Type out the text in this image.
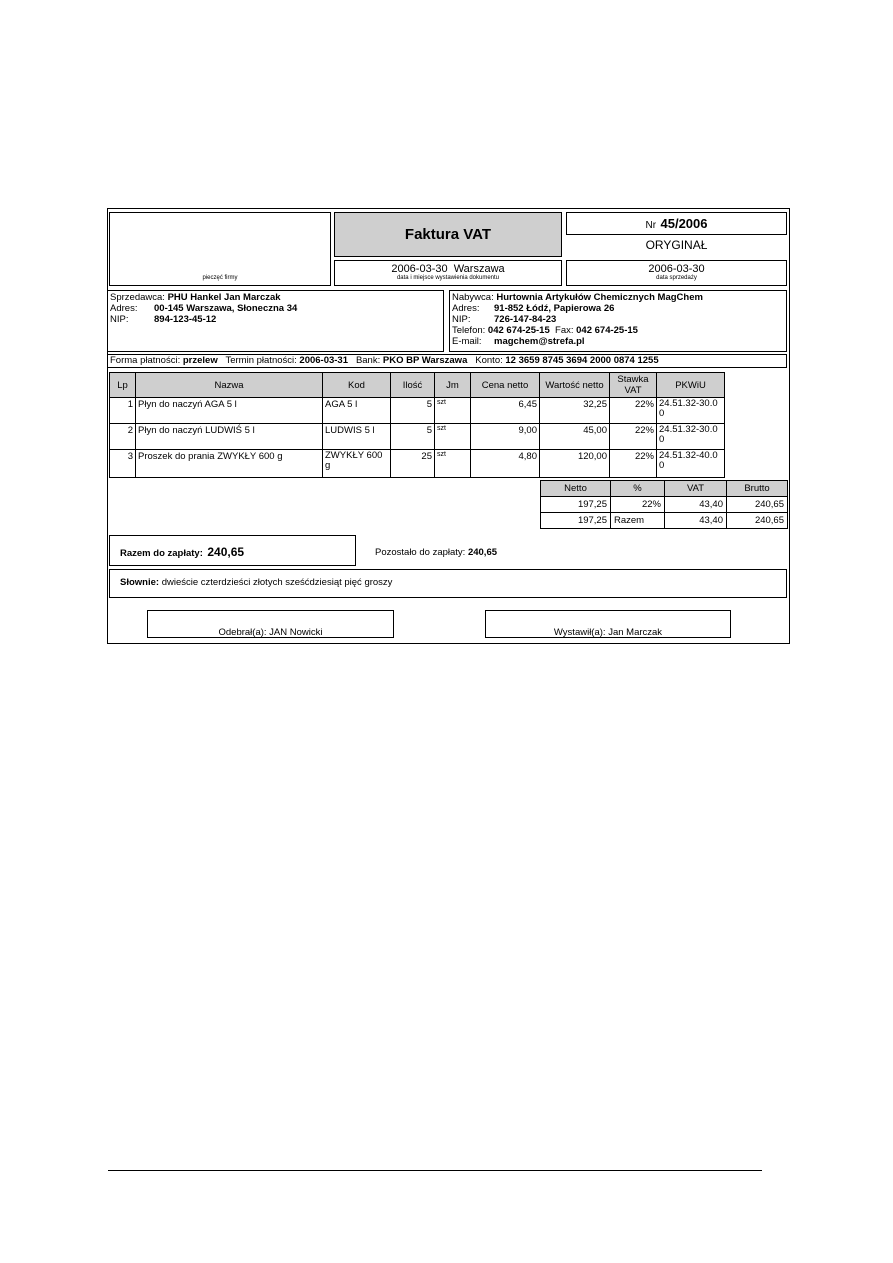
pieczęć firmy
Faktura VAT
Nr 45/2006
ORYGINAŁ
2006-03-30  Warszawa
data i miejsce wystawienia dokumentu
2006-03-30
data sprzedaży
Sprzedawca: PHU Hankel Jan Marczak
Adres: 00-145 Warszawa, Słoneczna 34
NIP:	894-123-45-12
Nabywca: Hurtownia Artykułów Chemicznych MagChem
Adres: 91-852 Łódź, Papierowa 26
NIP: 726-147-84-23
Telefon: 042 674-25-15 Fax: 042 674-25-15
E-mail: magchem@strefa.pl
Forma płatności: przelew Termin płatności: 2006-03-31 Bank: PKO BP Warszawa Konto: 12 3659 8745 3694 2000 0874 1255
Lp	Nazwa	Kod	Ilość	Jm	Cena netto	Wartość netto	Stawka VAT	PKWiU
1	Płyn do naczyń AGA 5 l	AGA 5 l	5	szt	6,45	32,25	22%	24.51.32-30.00
2	Płyn do naczyń LUDWIŚ 5 l	LUDWIS 5 l	5	szt	9,00	45,00	22%	24.51.32-30.00
3	Proszek do prania ZWYKŁY 600 g	ZWYKŁY 600 g	25	szt	4,80	120,00	22%	24.51.32-40.00
Netto	%	VAT	Brutto
197,25	22%	43,40	240,65
197,25	Razem	43,40	240,65
Razem do zapłaty: 240,65	Pozostało do zapłaty: 240,65
Słownie: dwieście czterdzieści złotych sześćdziesiąt pięć groszy
Odebrał(a): JAN Nowicki	Wystawił(a): Jan Marczak
